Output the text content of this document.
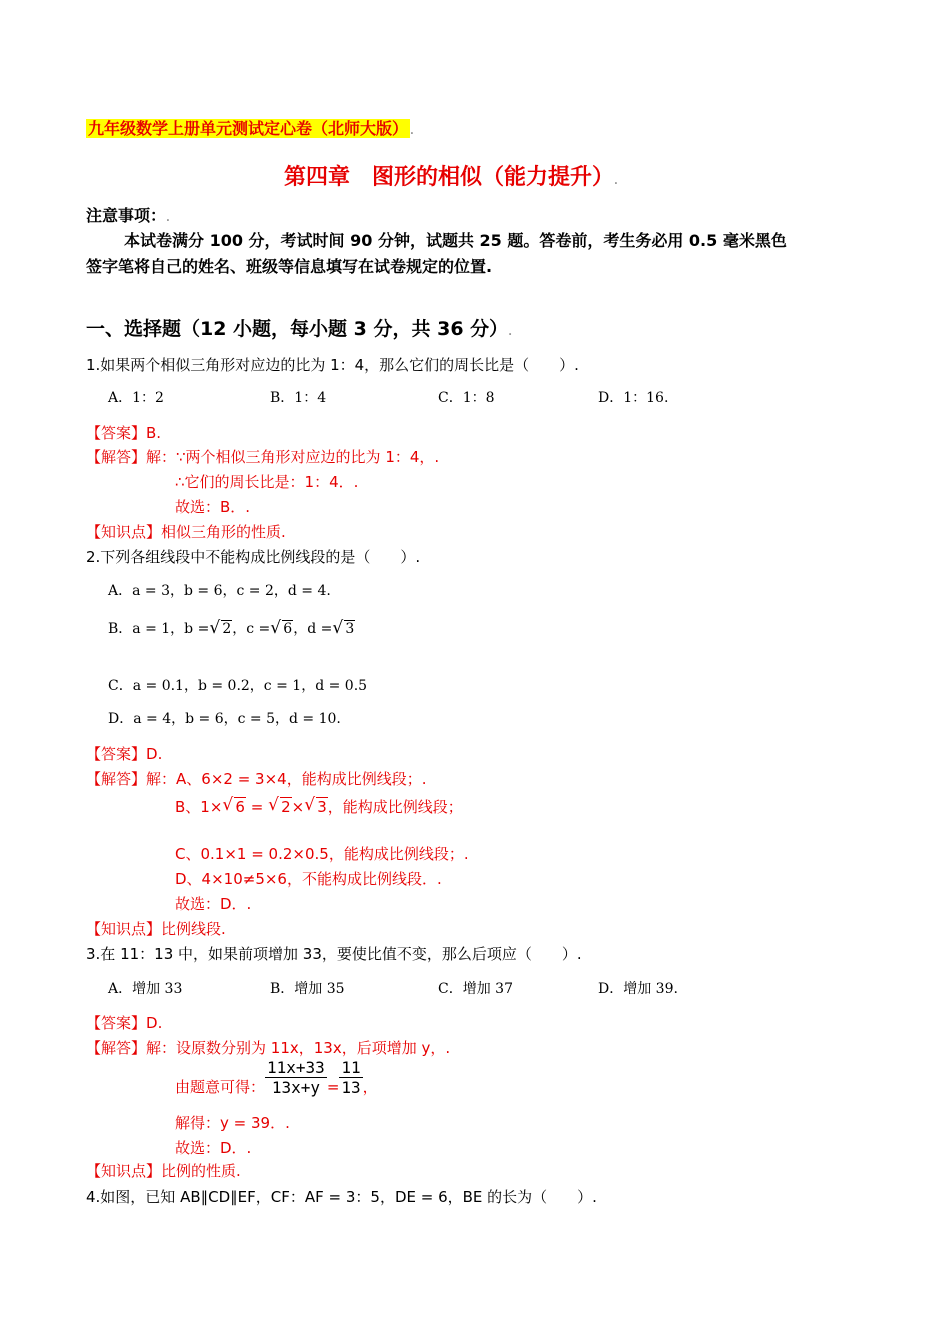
九年级数学上册单元测试定心卷（北师大版） .
第四章　图形的相似（能力提升）.
注意事项：.
本试卷满分 100 分，考试时间 90 分钟，试题共 25 题。答卷前，考生务必用 0.5 毫米黑色
签字笔将自己的姓名、班级等信息填写在试卷规定的位置.
一、选择题（12 小题，每小题 3 分，共 36 分）.
1.如果两个相似三角形对应边的比为 1：4，那么它们的周长比是（　　）.
A．1：2	B．1：4	C．1：8	D．1：16.
【答案】B.
【解答】解：∵两个相似三角形对应边的比为 1：4，.
∴它们的周长比是：1：4．.
故选：B．.
【知识点】相似三角形的性质.
2.下列各组线段中不能构成比例线段的是（　　）.
A．a = 3，b = 6，c = 2，d = 4.
B．a = 1，b = √ 2，c = √ 6，d = √ 3
C．a = 0.1，b = 0.2，c = 1，d = 0.5
D．a = 4，b = 6，c = 5，d = 10.
【答案】D.
【解答】解：A、6×2 = 3×4，能构成比例线段；.
B、1× √ 6 = √ 2× √ 3，能构成比例线段；
C、0.1×1 = 0.2×0.5，能构成比例线段；.
D、4×10≠5×6，不能构成比例线段．.
故选：D．.
【知识点】比例线段.
3.在 11：13 中，如果前项增加 33，要使比值不变，那么后项应（　　）.
A．增加 33	B．增加 35	C．增加 37	D．增加 39.
【答案】D.
【解答】解：设原数分别为 11x，13x，后项增加 y，.
由题意可得： $\frac{11x+33}{13x+y} = \frac{11}{13}$ ，
解得：y = 39．.
故选：D．.
【知识点】比例的性质.
4.如图，已知 AB∥CD∥EF，CF：AF = 3：5，DE = 6，BE 的长为（　　）.
